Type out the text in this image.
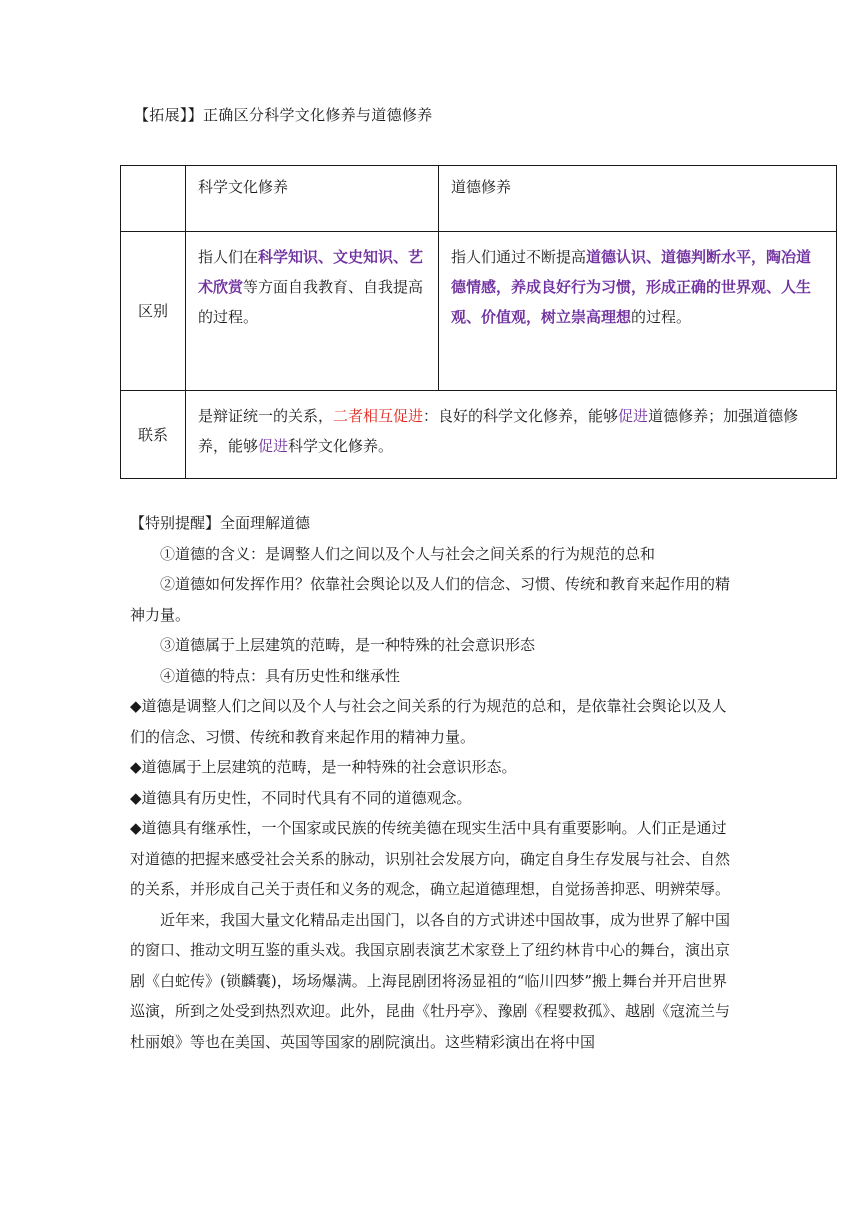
【拓展】】正确区分科学文化修养与道德修养
	科学文化修养	道德修养
区别	指人们在科学知识、文史知识、艺术欣赏等方面自我教育、自我提高的过程。	指人们通过不断提高道德认识、道德判断水平，陶冶道德情感，养成良好行为习惯，形成正确的世界观、人生观、价值观，树立崇高理想的过程。
联系	是辩证统一的关系，二者相互促进：良好的科学文化修养，能够促进道德修养；加强道德修养，能够促进科学文化修养。	

【特别提醒】全面理解道德

①道德的含义：是调整人们之间以及个人与社会之间关系的行为规范的总和

②道德如何发挥作用？依靠社会舆论以及人们的信念、习惯、传统和教育来起作用的精神力量。

③道德属于上层建筑的范畴，是一种特殊的社会意识形态

④道德的特点：具有历史性和继承性

◆道德是调整人们之间以及个人与社会之间关系的行为规范的总和，是依靠社会舆论以及人们的信念、习惯、传统和教育来起作用的精神力量。

◆道德属于上层建筑的范畴，是一种特殊的社会意识形态。

◆道德具有历史性，不同时代具有不同的道德观念。

◆道德具有继承性，一个国家或民族的传统美德在现实生活中具有重要影响。人们正是通过对道德的把握来感受社会关系的脉动，识别社会发展方向，确定自身生存发展与社会、自然的关系，并形成自己关于责任和义务的观念，确立起道德理想，自觉扬善抑恶、明辨荣辱。

近年来，我国大量文化精品走出国门，以各自的方式讲述中国故事，成为世界了解中国的窗口、推动文明互鉴的重头戏。我国京剧表演艺术家登上了纽约林肯中心的舞台，演出京剧《白蛇传》(锁麟囊)，场场爆满。上海昆剧团将汤显祖的“临川四梦”搬上舞台并开启世界巡演，所到之处受到热烈欢迎。此外，昆曲《牡丹亭》、豫剧《程婴救孤》、越剧《寇流兰与杜丽娘》等也在美国、英国等国家的剧院演出。这些精彩演出在将中国
